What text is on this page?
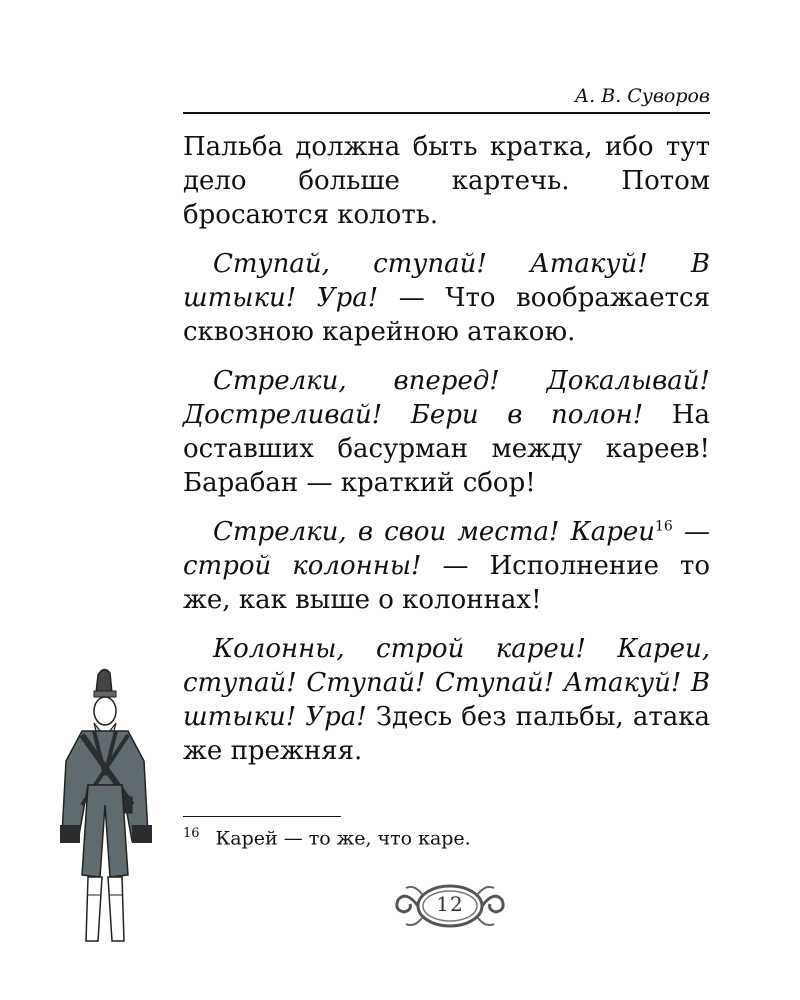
А. В. Суворов

Пальба должна быть кратка, ибо тут дело больше картечь. Потом бросаются колоть.

Ступай, ступай! Атакуй! В штыки! Ура! — Что воображается сквозною карейною атакою.

Стрелки, вперед! Докалывай! Достреливай! Бери в полон! На оставших басурман между кареев! Барабан — краткий сбор!

Стрелки, в свои места! Кареи$^{16}$ — строй колонны! — Исполнение то же, как выше о колоннах!

Колонны, строй кареи! Кареи, ступай! Ступай! Ступай! Атакуй! В штыки! Ура! Здесь без пальбы, атака же прежняя.

$^{16}$ Карей — то же, что каре.
12
